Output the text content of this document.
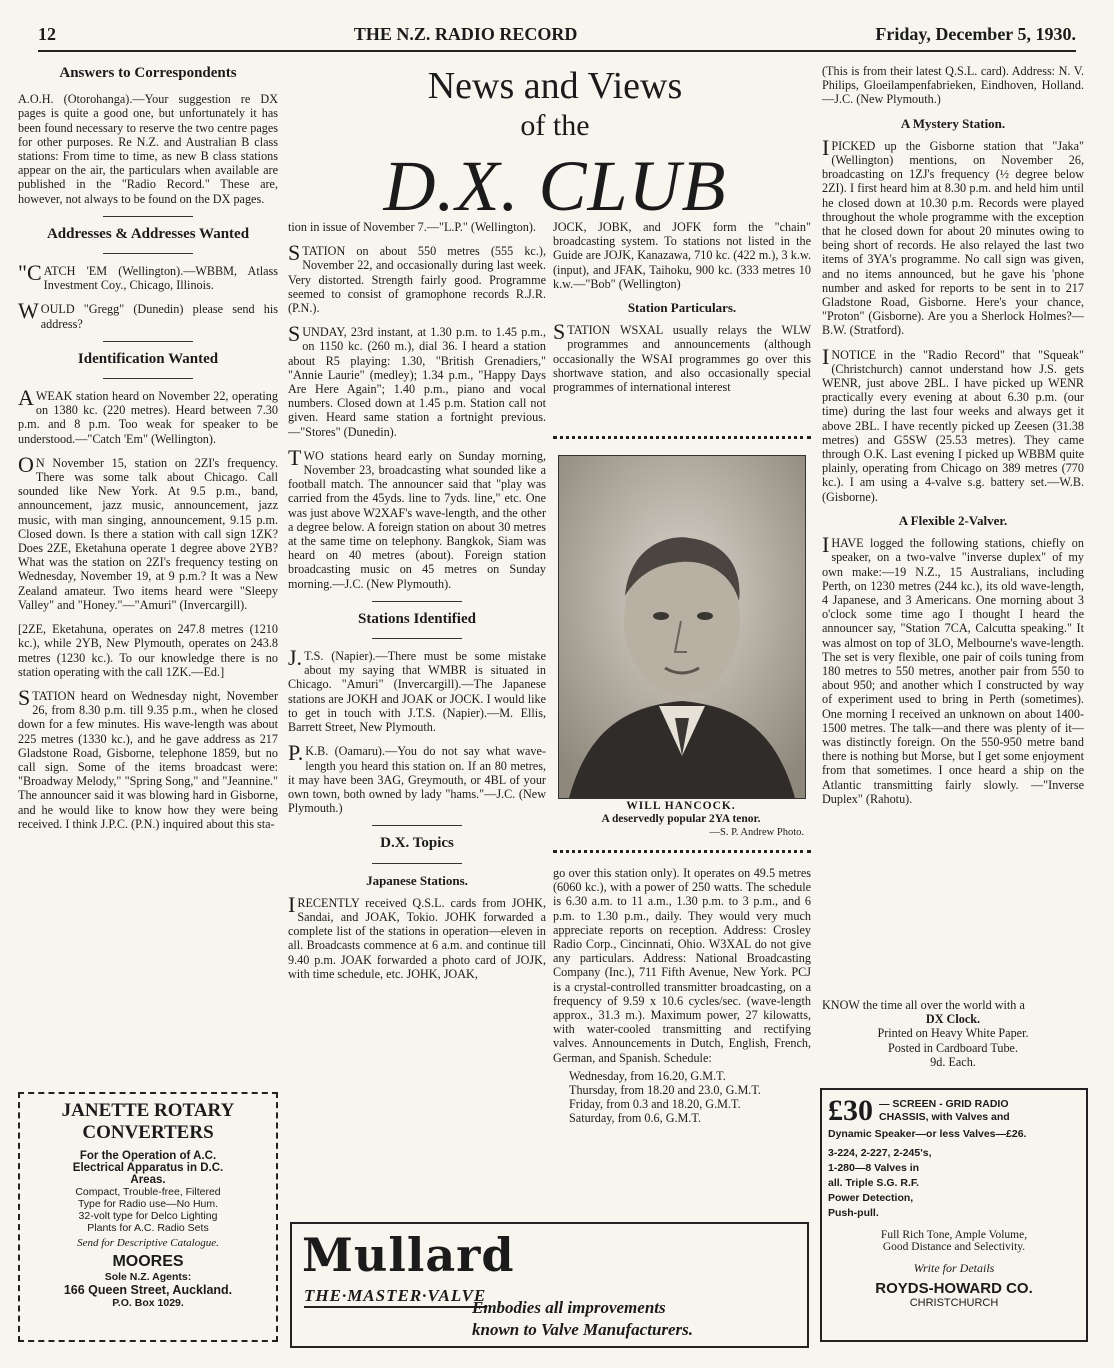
12	THE N.Z. RADIO RECORD	Friday, December 5, 1930.
News and Views
of the
D.X. CLUB
Answers to Correspondents

A.O.H. (Otorohanga).—Your suggestion re DX pages is quite a good one, but unfortunately it has been found necessary to reserve the two centre pages for other purposes. Re N.Z. and Australian B class stations: From time to time, as new B class stations appear on the air, the particulars when available are published in the "Radio Record." These are, however, not always to be found on the DX pages.

Addresses & Addresses Wanted

"CATCH 'EM (Wellington).—WBBM, Atlass Investment Coy., Chicago, Illinois.

WOULD "Gregg" (Dunedin) please send his address?

Identification Wanted

AWEAK station heard on November 22, operating on 1380 kc. (220 metres). Heard between 7.30 p.m. and 8 p.m. Too weak for speaker to be understood.—"Catch 'Em" (Wellington).

ON November 15, station on 2ZI's frequency. There was some talk about Chicago. Call sounded like New York. At 9.5 p.m., band, announcement, jazz music, announcement, jazz music, with man singing, announcement, 9.15 p.m. Closed down. Is there a station with call sign 1ZK? Does 2ZE, Eketahuna operate 1 degree above 2YB? What was the station on 2ZI's frequency testing on Wednesday, November 19, at 9 p.m.? It was a New Zealand amateur. Two items heard were "Sleepy Valley" and "Honey."—"Amuri" (Invercargill).

[2ZE, Eketahuna, operates on 247.8 metres (1210 kc.), while 2YB, New Plymouth, operates on 243.8 metres (1230 kc.). To our knowledge there is no station operating with the call 1ZK.—Ed.]

STATION heard on Wednesday night, November 26, from 8.30 p.m. till 9.35 p.m., when he closed down for a few minutes. His wave-length was about 225 metres (1330 kc.), and he gave address as 217 Gladstone Road, Gisborne, telephone 1859, but no call sign. Some of the items broadcast were: "Broadway Melody," "Spring Song," and "Jeannine." The announcer said it was blowing hard in Gisborne, and he would like to know how they were being received. I think J.P.C. (P.N.) inquired about this sta-

JANETTE ROTARY
CONVERTERS
For the Operation of A.C.
Electrical Apparatus in D.C.
Areas.
Compact, Trouble-free, Filtered
Type for Radio use—No Hum.
32-volt type for Delco Lighting
Plants for A.C. Radio Sets
Send for Descriptive Catalogue.
MOORES
Sole N.Z. Agents:
166 Queen Street, Auckland.
P.O. Box 1029.

tion in issue of November 7.—"L.P." (Wellington).

STATION on about 550 metres (555 kc.), November 22, and occasionally during last week. Very distorted. Strength fairly good. Programme seemed to consist of gramophone records R.J.R. (P.N.).

SUNDAY, 23rd instant, at 1.30 p.m. to 1.45 p.m., on 1150 kc. (260 m.), dial 36. I heard a station about R5 playing: 1.30, "British Grenadiers," "Annie Laurie" (medley); 1.34 p.m., "Happy Days Are Here Again"; 1.40 p.m., piano and vocal numbers. Closed down at 1.45 p.m. Station call not given. Heard same station a fortnight previous.—"Stores" (Dunedin).

TWO stations heard early on Sunday morning, November 23, broadcasting what sounded like a football match. The announcer said that "play was carried from the 45yds. line to 7yds. line," etc. One was just above W2XAF's wave-length, and the other a degree below. A foreign station on about 30 metres at the same time on telephony. Bangkok, Siam was heard on 40 metres (about). Foreign station broadcasting music on 45 metres on Sunday morning.—J.C. (New Plymouth).

Stations Identified

J.T.S. (Napier).—There must be some mistake about my saying that WMBR is situated in Chicago. "Amuri" (Invercargill).—The Japanese stations are JOKH and JOAK or JOCK. I would like to get in touch with J.T.S. (Napier).—M. Ellis, Barrett Street, New Plymouth.

P.K.B. (Oamaru).—You do not say what wave-length you heard this station on. If an 80 metres, it may have been 3AG, Greymouth, or 4BL of your own town, both owned by lady "hams."—J.C. (New Plymouth.)

D.X. Topics
Japanese Stations.

IRECENTLY received Q.S.L. cards from JOHK, Sandai, and JOAK, Tokio. JOHK forwarded a complete list of the stations in operation—eleven in all. Broadcasts commence at 6 a.m. and continue till 9.40 p.m. JOAK forwarded a photo card of JOJK, with time schedule, etc. JOHK, JOAK,

JOCK, JOBK, and JOFK form the "chain" broadcasting system. To stations not listed in the Guide are JOJK, Kanazawa, 710 kc. (422 m.), 3 k.w. (input), and JFAK, Taihoku, 900 kc. (333 metres 10 k.w.—"Bob" (Wellington)

Station Particulars.

STATION WSXAL usually relays the WLW programmes and announcements (although occasionally the WSAI programmes go over this shortwave station, and also occasionally special programmes of international interest

WILL HANCOCK.
A deservedly popular 2YA tenor.
—S. P. Andrew Photo.

go over this station only). It operates on 49.5 metres (6060 kc.), with a power of 250 watts. The schedule is 6.30 a.m. to 11 a.m., 1.30 p.m. to 3 p.m., and 6 p.m. to 1.30 p.m., daily. They would very much appreciate reports on reception. Address: Crosley Radio Corp., Cincinnati, Ohio. W3XAL do not give any particulars. Address: National Broadcasting Company (Inc.), 711 Fifth Avenue, New York. PCJ is a crystal-controlled transmitter broadcasting, on a frequency of 9.59 x 10.6 cycles/sec. (wave-length approx., 31.3 m.). Maximum power, 27 kilowatts, with water-cooled transmitting and rectifying valves. Announcements in Dutch, English, French, German, and Spanish. Schedule:

Wednesday, from 16.20, G.M.T.
Thursday, from 18.20 and 23.0, G.M.T.
Friday, from 0.3 and 18.20, G.M.T.
Saturday, from 0.6, G.M.T.
Mullard
THE·MASTER·VALVE
Embodies all improvements
known to Valve Manufacturers.

(This is from their latest Q.S.L. card). Address: N. V. Philips, Gloeilampenfabrieken, Eindhoven, Holland. —J.C. (New Plymouth.)

A Mystery Station.

IPICKED up the Gisborne station that "Jaka" (Wellington) mentions, on November 26, broadcasting on 1ZJ's frequency (½ degree below 2ZI). I first heard him at 8.30 p.m. and held him until he closed down at 10.30 p.m. Records were played throughout the whole programme with the exception that he closed down for about 20 minutes owing to being short of records. He also relayed the last two items of 3YA's programme. No call sign was given, and no items announced, but he gave his 'phone number and asked for reports to be sent in to 217 Gladstone Road, Gisborne. Here's your chance, "Proton" (Gisborne). Are you a Sherlock Holmes?—B.W. (Stratford).

INOTICE in the "Radio Record" that "Squeak" (Christchurch) cannot understand how J.S. gets WENR, just above 2BL. I have picked up WENR practically every evening at about 6.30 p.m. (our time) during the last four weeks and always get it above 2BL. I have recently picked up Zeesen (31.38 metres) and G5SW (25.53 metres). They came through O.K. Last evening I picked up WBBM quite plainly, operating from Chicago on 389 metres (770 kc.). I am using a 4-valve s.g. battery set.—W.B. (Gisborne).

A Flexible 2-Valver.

IHAVE logged the following stations, chiefly on speaker, on a two-valve "inverse duplex" of my own make:—19 N.Z., 15 Australians, including Perth, on 1230 metres (244 kc.), its old wave-length, 4 Japanese, and 3 Americans. One morning about 3 o'clock some time ago I thought I heard the announcer say, "Station 7CA, Calcutta speaking." It was almost on top of 3LO, Melbourne's wave-length. The set is very flexible, one pair of coils tuning from 180 metres to 550 metres, another pair from 550 to about 950; and another which I constructed by way of experiment used to bring in Perth (sometimes). One morning I received an unknown on about 1400-1500 metres. The talk—and there was plenty of it—was distinctly foreign. On the 550-950 metre band there is nothing but Morse, but I get some enjoyment from that sometimes. I once heard a ship on the Atlantic transmitting fairly slowly. —"Inverse Duplex" (Rahotu).

KNOW the time all over the world with a
DX Clock.
Printed on Heavy White Paper.
Posted in Cardboard Tube.
9d. Each.
£30 — SCREEN - GRID RADIO
CHASSIS, with Valves and
Dynamic Speaker—or less Valves—£26.
3-224, 2-227, 2-245's,
1-280—8 Valves in
all. Triple S.G. R.F.
Power Detection,
Push-pull.
Full Rich Tone, Ample Volume,
Good Distance and Selectivity.
Write for Details
ROYDS-HOWARD CO.
CHRISTCHURCH
